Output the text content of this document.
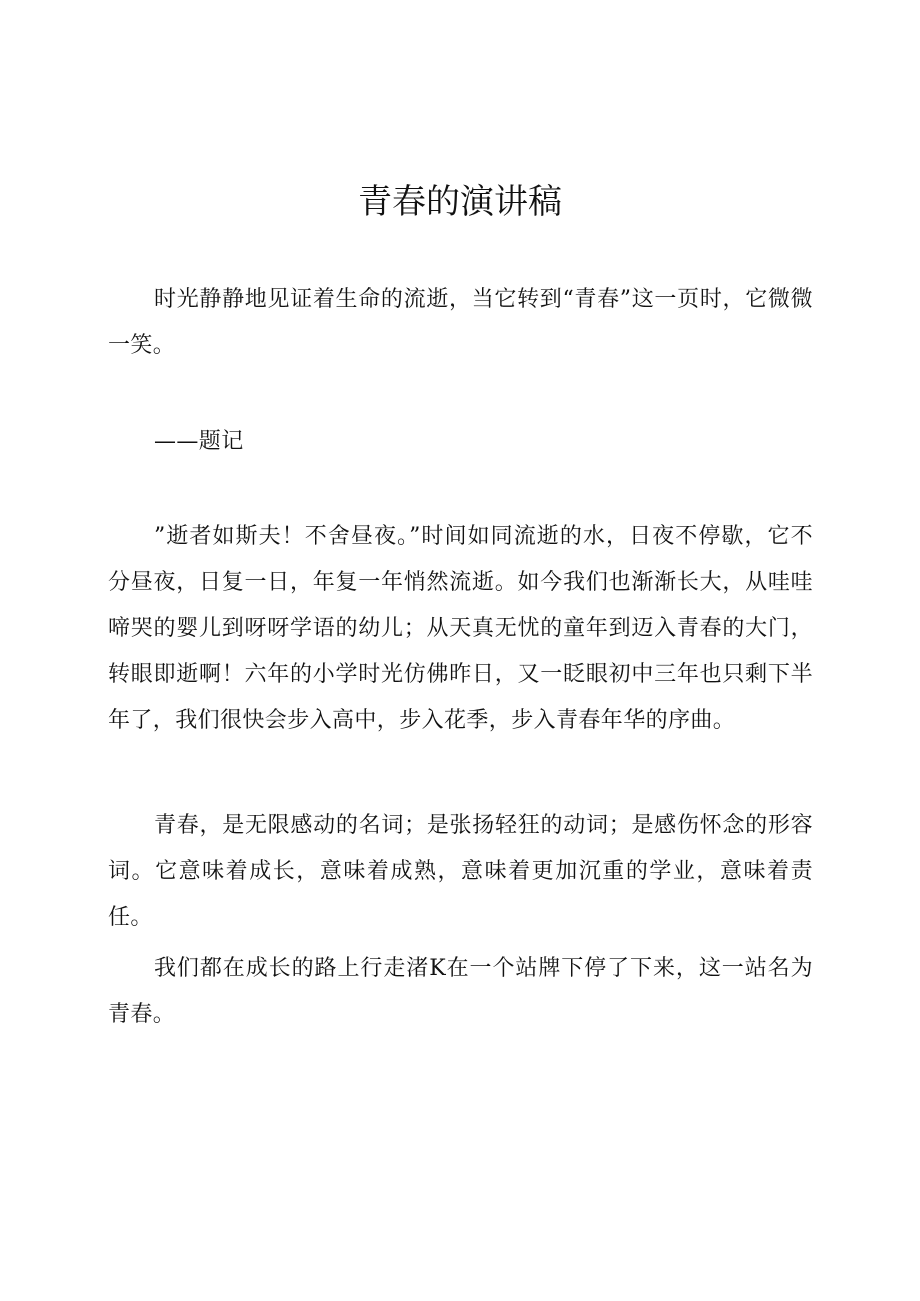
青春的演讲稿

时光静静地见证着生命的流逝，当它转到“青春”这一页时，它微微一笑。

——题记

”逝者如斯夫！不舍昼夜。”时间如同流逝的水，日夜不停歇，它不分昼夜，日复一日，年复一年悄然流逝。如今我们也渐渐长大，从哇哇啼哭的婴儿到呀呀学语的幼儿；从天真无忧的童年到迈入青春的大门，转眼即逝啊！六年的小学时光仿佛昨日，又一眨眼初中三年也只剩下半年了，我们很快会步入高中，步入花季，步入青春年华的序曲。

青春，是无限感动的名词；是张扬轻狂的动词；是感伤怀念的形容词。它意味着成长，意味着成熟，意味着更加沉重的学业，意味着责任。

我们都在成长的路上行走渚K在一个站牌下停了下来，这一站名为青春。
